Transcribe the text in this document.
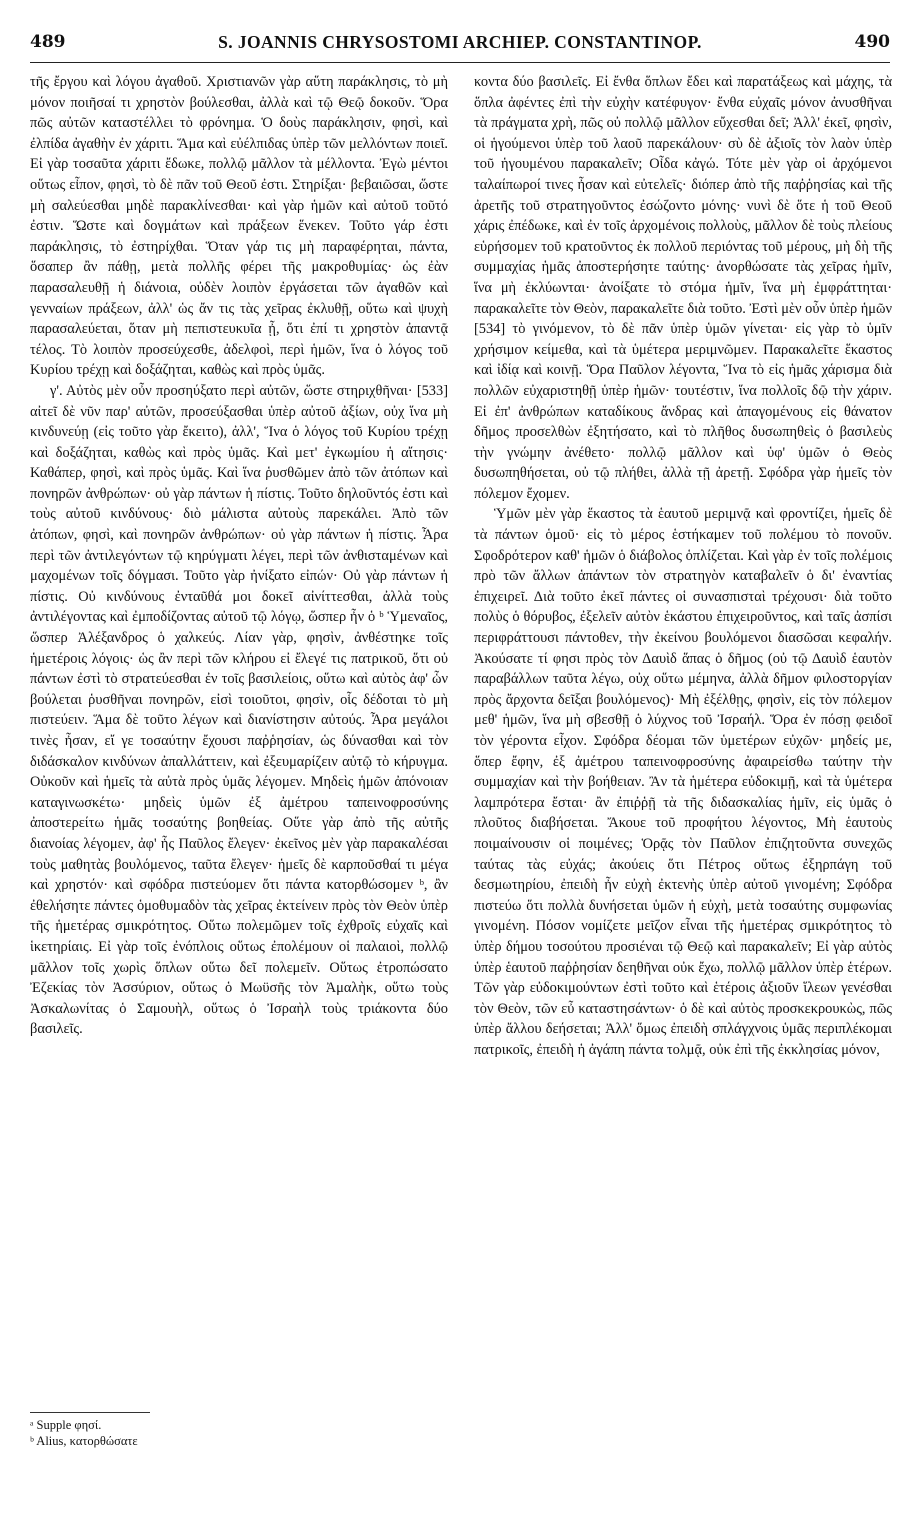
489	S. JOANNIS CHRYSOSTOMI ARCHIEP. CONSTANTINOP.	490

τῆς ἔργου καὶ λόγου ἀγαθοῦ. Χριστιανῶν γὰρ αὕτη παράκλησις, τὸ μὴ μόνον ποιῆσαί τι χρηστὸν βούλεσθαι, ἀλλὰ καὶ τῷ Θεῷ δοκοῦν. Ὅρα πῶς αὐτῶν καταστέλλει τὸ φρόνημα. Ὁ δοὺς παράκλησιν, φησὶ, καὶ ἐλπίδα ἀγαθὴν ἐν χάριτι. Ἅμα καὶ εὐέλπιδας ὑπὲρ τῶν μελλόντων ποιεῖ. Εἰ γὰρ τοσαῦτα χάριτι ἔδωκε, πολλῷ μᾶλλον τὰ μέλλοντα. Ἐγὼ μέντοι οὕτως εἶπον, φησὶ, τὸ δὲ πᾶν τοῦ Θεοῦ ἐστι. Στηρίξαι· βεβαιῶσαι, ὥστε μὴ σαλεύεσθαι μηδὲ παρακλίνεσθαι· καὶ γὰρ ἡμῶν καὶ αὐτοῦ τοῦτό ἐστιν. Ὥστε καὶ δογμάτων καὶ πράξεων ἕνεκεν. Τοῦτο γάρ ἐστι παράκλησις, τὸ ἐστηρίχθαι. Ὅταν γάρ τις μὴ παραφέρηται, πάντα, ὅσαπερ ἂν πάθῃ, μετὰ πολλῆς φέρει τῆς μακροθυμίας· ὡς ἐὰν παρασαλευθῇ ἡ διάνοια, οὐδὲν λοιπὸν ἐργάσεται τῶν ἀγαθῶν καὶ γενναίων πράξεων, ἀλλ' ὡς ἄν τις τὰς χεῖρας ἐκλυθῇ, οὕτω καὶ ψυχὴ παρασαλεύεται, ὅταν μὴ πεπιστευκυῖα ᾖ, ὅτι ἐπί τι χρηστὸν ἀπαντᾷ τέλος. Τὸ λοιπὸν προσεύχεσθε, ἀδελφοὶ, περὶ ἡμῶν, ἵνα ὁ λόγος τοῦ Κυρίου τρέχῃ καὶ δοξάζηται, καθὼς καὶ πρὸς ὑμᾶς.

γ'. Αὐτὸς μὲν οὖν προσηύξατο περὶ αὐτῶν, ὥστε στηριχθῆναι· [533] αἰτεῖ δὲ νῦν παρ' αὐτῶν, προσεύξασθαι ὑπὲρ αὐτοῦ ἀξίων, οὐχ ἵνα μὴ κινδυνεύῃ (εἰς τοῦτο γὰρ ἔκειτο), ἀλλ', Ἵνα ὁ λόγος τοῦ Κυρίου τρέχῃ καὶ δοξάζηται, καθὼς καὶ πρὸς ὑμᾶς. Καὶ μετ' ἐγκωμίου ἡ αἴτησις· Καθάπερ, φησὶ, καὶ πρὸς ὑμᾶς. Καὶ ἵνα ῥυσθῶμεν ἀπὸ τῶν ἀτόπων καὶ πονηρῶν ἀνθρώπων· οὐ γὰρ πάντων ἡ πίστις. Τοῦτο δηλοῦντός ἐστι καὶ τοὺς αὐτοῦ κινδύνους· διὸ μάλιστα αὐτοὺς παρεκάλει. Ἀπὸ τῶν ἀτόπων, φησὶ, καὶ πονηρῶν ἀνθρώπων· οὐ γὰρ πάντων ἡ πίστις. Ἆρα περὶ τῶν ἀντιλεγόντων τῷ κηρύγματι λέγει, περὶ τῶν ἀνθισταμένων καὶ μαχομένων τοῖς δόγμασι. Τοῦτο γὰρ ἠνίξατο εἰπών· Οὐ γὰρ πάντων ἡ πίστις. Οὐ κινδύνους ἐνταῦθά μοι δοκεῖ αἰνίττεσθαι, ἀλλὰ τοὺς ἀντιλέγοντας καὶ ἐμποδίζοντας αὐτοῦ τῷ λόγῳ, ὥσπερ ἦν ὁ ᵇ Ὑμεναῖος, ὥσπερ Ἀλέξανδρος ὁ χαλκεύς. Λίαν γὰρ, φησὶν, ἀνθέστηκε τοῖς ἡμετέροις λόγοις· ὡς ἂν περὶ τῶν κλήρου εἰ ἔλεγέ τις πατρικοῦ, ὅτι οὐ πάντων ἐστὶ τὸ στρατεύεσθαι ἐν τοῖς βασιλείοις, οὕτω καὶ αὐτὸς ἀφ' ὧν βούλεται ῥυσθῆναι πονηρῶν, εἰσὶ τοιοῦτοι, φησὶν, οἷς δέδοται τὸ μὴ πιστεύειν. Ἅμα δὲ τοῦτο λέγων καὶ διανίστησιν αὐτούς. Ἆρα μεγάλοι τινὲς ἦσαν, εἴ γε τοσαύτην ἔχουσι παῤῥησίαν, ὡς δύνασθαι καὶ τὸν διδάσκαλον κινδύνων ἀπαλλάττειν, καὶ ἐξευμαρίζειν αὐτῷ τὸ κήρυγμα. Οὐκοῦν καὶ ἡμεῖς τὰ αὐτὰ πρὸς ὑμᾶς λέγομεν. Μηδεὶς ἡμῶν ἀπόνοιαν καταγινωσκέτω· μηδεὶς ὑμῶν ἐξ ἀμέτρου ταπεινοφροσύνης ἀποστερείτω ἡμᾶς τοσαύτης βοηθείας. Οὕτε γὰρ ἀπὸ τῆς αὐτῆς διανοίας λέγομεν, ἀφ' ἧς Παῦλος ἔλεγεν· ἐκεῖνος μὲν γὰρ παρακαλέσαι τοὺς μαθητὰς βουλόμενος, ταῦτα ἔλεγεν· ἡμεῖς δὲ καρποῦσθαί τι μέγα καὶ χρηστόν· καὶ σφόδρα πιστεύομεν ὅτι πάντα κατορθώσομεν ᵇ, ἂν ἐθελήσητε πάντες ὁμοθυμαδὸν τὰς χεῖρας ἐκτείνειν πρὸς τὸν Θεὸν ὑπὲρ τῆς ἡμετέρας σμικρότητος. Οὕτω πολεμῶμεν τοῖς ἐχθροῖς εὐχαῖς καὶ ἱκετηρίαις. Εἰ γὰρ τοῖς ἐνόπλοις οὕτως ἐπολέμουν οἱ παλαιοὶ, πολλῷ μᾶλλον τοῖς χωρὶς ὅπλων οὕτω δεῖ πολεμεῖν. Οὕτως ἐτροπώσατο Ἐζεκίας τὸν Ἀσσύριον, οὕτως ὁ Μωϋσῆς τὸν Ἀμαλὴκ, οὕτω τοὺς Ἀσκαλωνίτας ὁ Σαμουὴλ, οὕτως ὁ Ἰσραὴλ τοὺς τριάκοντα δύο βασιλεῖς.

κοντα δύο βασιλεῖς. Εἰ ἔνθα ὅπλων ἔδει καὶ παρατάξεως καὶ μάχης, τὰ ὅπλα ἀφέντες ἐπὶ τὴν εὐχὴν κατέφυγον· ἔνθα εὐχαῖς μόνον ἀνυσθῆναι τὰ πράγματα χρὴ, πῶς οὐ πολλῷ μᾶλλον εὔχεσθαι δεῖ; Ἀλλ' ἐκεῖ, φησὶν, οἱ ἡγούμενοι ὑπὲρ τοῦ λαοῦ παρεκάλουν· σὺ δὲ ἀξιοῖς τὸν λαὸν ὑπὲρ τοῦ ἡγουμένου παρακαλεῖν; Οἶδα κἀγώ. Τότε μὲν γὰρ οἱ ἀρχόμενοι ταλαίπωροί τινες ἦσαν καὶ εὐτελεῖς· διόπερ ἀπὸ τῆς παῤῥησίας καὶ τῆς ἀρετῆς τοῦ στρατηγοῦντος ἐσώζοντο μόνης· νυνὶ δὲ ὅτε ἡ τοῦ Θεοῦ χάρις ἐπέδωκε, καὶ ἐν τοῖς ἀρχομένοις πολλοὺς, μᾶλλον δὲ τοὺς πλείους εὑρήσομεν τοῦ κρατοῦντος ἐκ πολλοῦ περιόντας τοῦ μέρους, μὴ δὴ τῆς συμμαχίας ἡμᾶς ἀποστερήσητε ταύτης· ἀνορθώσατε τὰς χεῖρας ἡμῖν, ἵνα μὴ ἐκλύωνται· ἀνοίξατε τὸ στόμα ἡμῖν, ἵνα μὴ ἐμφράττηται· παρακαλεῖτε τὸν Θεὸν, παρακαλεῖτε διὰ τοῦτο. Ἐστὶ μὲν οὖν ὑπὲρ ἡμῶν [534] τὸ γινόμενον, τὸ δὲ πᾶν ὑπὲρ ὑμῶν γίνεται· εἰς γὰρ τὸ ὑμῖν χρήσιμον κείμεθα, καὶ τὰ ὑμέτερα μεριμνῶμεν. Παρακαλεῖτε ἕκαστος καὶ ἰδίᾳ καὶ κοινῇ. Ὅρα Παῦλον λέγοντα, Ἵνα τὸ εἰς ἡμᾶς χάρισμα διὰ πολλῶν εὐχαριστηθῇ ὑπὲρ ἡμῶν· τουτέστιν, ἵνα πολλοῖς δῷ τὴν χάριν. Εἰ ἐπ' ἀνθρώπων καταδίκους ἄνδρας καὶ ἀπαγομένους εἰς θάνατον δῆμος προσελθὼν ἐξητήσατο, καὶ τὸ πλῆθος δυσωπηθεὶς ὁ βασιλεὺς τὴν γνώμην ἀνέθετο· πολλῷ μᾶλλον καὶ ὑφ' ὑμῶν ὁ Θεὸς δυσωπηθήσεται, οὐ τῷ πλήθει, ἀλλὰ τῇ ἀρετῇ. Σφόδρα γὰρ ἡμεῖς τὸν πόλεμον ἔχομεν.

Ὑμῶν μὲν γὰρ ἕκαστος τὰ ἑαυτοῦ μεριμνᾷ καὶ φροντίζει, ἡμεῖς δὲ τὰ πάντων ὁμοῦ· εἰς τὸ μέρος ἑστήκαμεν τοῦ πολέμου τὸ πονοῦν. Σφοδρότερον καθ' ἡμῶν ὁ διάβολος ὁπλίζεται. Καὶ γὰρ ἐν τοῖς πολέμοις πρὸ τῶν ἄλλων ἁπάντων τὸν στρατηγὸν καταβαλεῖν ὁ δι' ἐναντίας ἐπιχειρεῖ. Διὰ τοῦτο ἐκεῖ πάντες οἱ συνασπισταὶ τρέχουσι· διὰ τοῦτο πολὺς ὁ θόρυβος, ἐξελεῖν αὐτὸν ἑκάστου ἐπιχειροῦντος, καὶ ταῖς ἀσπίσι περιφράττουσι πάντοθεν, τὴν ἐκείνου βουλόμενοι διασῶσαι κεφαλήν. Ἀκούσατε τί φησι πρὸς τὸν Δαυὶδ ἅπας ὁ δῆμος (οὐ τῷ Δαυὶδ ἑαυτὸν παραβάλλων ταῦτα λέγω, οὐχ οὕτω μέμηνα, ἀλλὰ δῆμον φιλοστοργίαν πρὸς ἄρχοντα δεῖξαι βουλόμενος)· Μὴ ἐξέλθῃς, φησὶν, εἰς τὸν πόλεμον μεθ' ἡμῶν, ἵνα μὴ σβεσθῇ ὁ λύχνος τοῦ Ἰσραήλ. Ὅρα ἐν πόσῃ φειδοῖ τὸν γέροντα εἶχον. Σφόδρα δέομαι τῶν ὑμετέρων εὐχῶν· μηδείς με, ὅπερ ἔφην, ἐξ ἀμέτρου ταπεινοφροσύνης ἀφαιρείσθω ταύτην τὴν συμμαχίαν καὶ τὴν βοήθειαν. Ἂν τὰ ἡμέτερα εὐδοκιμῇ, καὶ τὰ ὑμέτερα λαμπρότερα ἔσται· ἂν ἐπιῤῥῇ τὰ τῆς διδασκαλίας ἡμῖν, εἰς ὑμᾶς ὁ πλοῦτος διαβήσεται. Ἄκουε τοῦ προφήτου λέγοντος, Μὴ ἑαυτοὺς ποιμαίνουσιν οἱ ποιμένες; Ὁρᾷς τὸν Παῦλον ἐπιζητοῦντα συνεχῶς ταύτας τὰς εὐχάς; ἀκούεις ὅτι Πέτρος οὕτως ἐξηρπάγη τοῦ δεσμωτηρίου, ἐπειδὴ ἦν εὐχὴ ἐκτενὴς ὑπὲρ αὐτοῦ γινομένη; Σφόδρα πιστεύω ὅτι πολλὰ δυνήσεται ὑμῶν ἡ εὐχὴ, μετὰ τοσαύτης συμφωνίας γινομένη. Πόσον νομίζετε μεῖζον εἶναι τῆς ἡμετέρας σμικρότητος τὸ ὑπὲρ δήμου τοσούτου προσιέναι τῷ Θεῷ καὶ παρακαλεῖν; Εἰ γὰρ αὐτὸς ὑπὲρ ἑαυτοῦ παῤῥησίαν δεηθῆναι οὐκ ἔχω, πολλῷ μᾶλλον ὑπὲρ ἑτέρων. Τῶν γὰρ εὐδοκιμούντων ἐστὶ τοῦτο καὶ ἑτέροις ἀξιοῦν ἵλεων γενέσθαι τὸν Θεὸν, τῶν εὖ καταστησάντων· ὁ δὲ καὶ αὐτὸς προσκεκρουκὼς, πῶς ὑπὲρ ἄλλου δεήσεται; Ἀλλ' ὅμως ἐπειδὴ σπλάγχνοις ὑμᾶς περιπλέκομαι πατρικοῖς, ἐπειδὴ ἡ ἀγάπη πάντα τολμᾷ, οὐκ ἐπὶ τῆς ἐκκλησίας μόνον,

ᵃ Supple φησί.
ᵇ Alius, κατορθώσατε
